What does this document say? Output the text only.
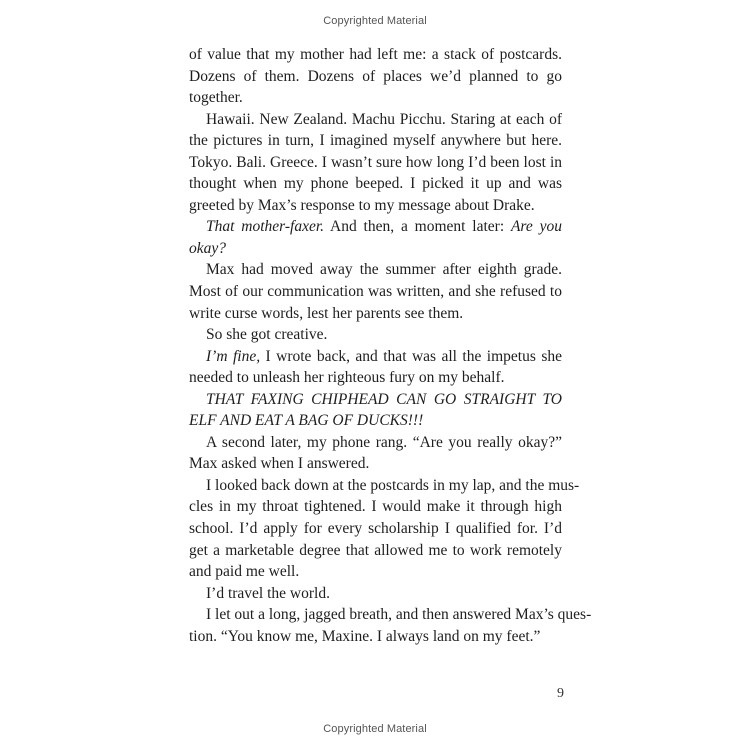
Copyrighted Material

of value that my mother had left me: a stack of postcards. Dozens of them. Dozens of places we’d planned to go together.

Hawaii. New Zealand. Machu Picchu. Staring at each of the pictures in turn, I imagined myself anywhere but here. Tokyo. Bali. Greece. I wasn’t sure how long I’d been lost in thought when my phone beeped. I picked it up and was greeted by Max’s response to my message about Drake.

That mother-faxer. And then, a moment later: Are you okay?

Max had moved away the summer after eighth grade. Most of our communication was written, and she refused to write curse words, lest her parents see them.

So she got creative.

I’m fine, I wrote back, and that was all the impetus she needed to unleash her righteous fury on my behalf.

THAT FAXING CHIPHEAD CAN GO STRAIGHT TO ELF AND EAT A BAG OF DUCKS!!!

A second later, my phone rang. “Are you really okay?” Max asked when I answered.

I looked back down at the postcards in my lap, and the mus- cles in my throat tightened. I would make it through high school. I’d apply for every scholarship I qualified for. I’d get a marketable degree that allowed me to work remotely and paid me well.

I’d travel the world.

I let out a long, jagged breath, and then answered Max’s ques- tion. “You know me, Maxine. I always land on my feet.”

9
Copyrighted Material
